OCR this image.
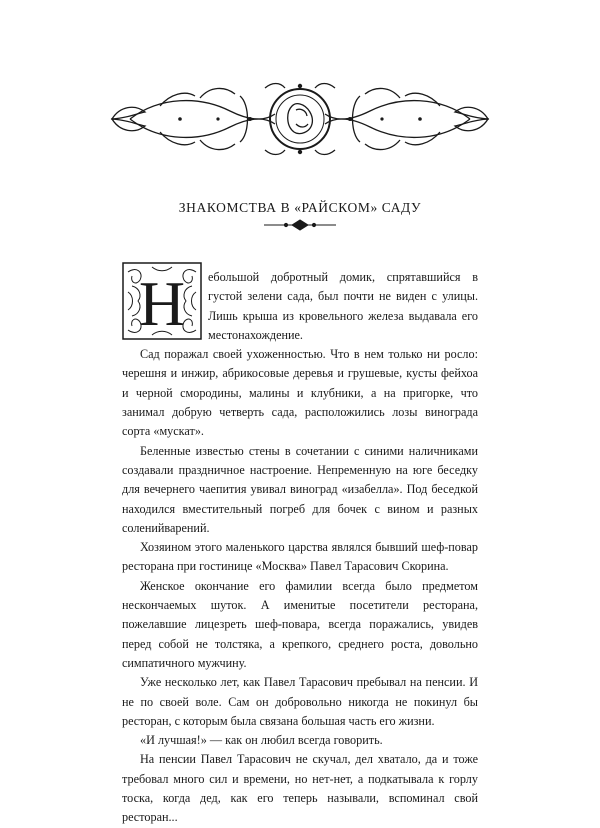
ЗНАКОМСТВА В «РАЙСКОМ» САДУ
Н	ебольшой добротный домик, спрятавшийся в густой зелени сада, был почти не виден с улицы. Лишь крыша из кровельного железа выдавала его местонахождение.

Сад поражал своей ухоженностью. Что в нем только ни росло: черешня и инжир, абрикосовые деревья и грушевые, кусты фейхоа и черной смородины, малины и клубники, а на пригорке, что занимал добрую четверть сада, расположились лозы винограда сорта «мускат».

Беленные известью стены в сочетании с синими наличниками создавали праздничное настроение. Непременную на юге беседку для вечернего чаепития увивал виноград «изабелла». Под беседкой находился вместительный погреб для бочек с вином и разных соленийварений.

Хозяином этого маленького царства являлся бывший шеф-повар ресторана при гостинице «Москва» Павел Тарасович Скорина.

Женское окончание его фамилии всегда было предметом нескончаемых шуток. А именитые посетители ресторана, пожелавшие лицезреть шеф-повара, всегда поражались, увидев перед собой не толстяка, а крепкого, среднего роста, довольно симпатичного мужчину.

Уже несколько лет, как Павел Тарасович пребывал на пенсии. И не по своей воле. Сам он добровольно никогда не покинул бы ресторан, с которым была связана большая часть его жизни.

«И лучшая!» — как он любил всегда говорить.

На пенсии Павел Тарасович не скучал, дел хватало, да и тоже требовал много сил и времени, но нет-нет, а подкатывала к горлу тоска, когда дед, как его теперь называли, вспоминал свой ресторан...
